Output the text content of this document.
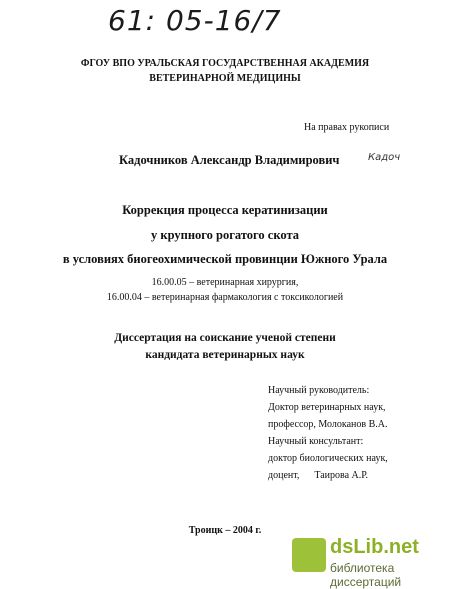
61: 05-16/7
ФГОУ ВПО УРАЛЬСКАЯ ГОСУДАРСТВЕННАЯ АКАДЕМИЯ
ВЕТЕРИНАРНОЙ МЕДИЦИНЫ
На правах рукописи
Кадочников Александр Владимирович	Кадоч
Коррекция процесса кератинизации
у крупного рогатого скота
в условиях биогеохимической провинции Южного Урала
16.00.05 – ветеринарная хирургия,
16.00.04 – ветеринарная фармакология с токсикологией
Диссертация на соискание ученой степени
кандидата ветеринарных наук
Научный руководитель:
Доктор ветеринарных наук,
профессор, Молоканов В.А.
Научный консультант:
доктор биологических наук,
доцент,      Таирова А.Р.
Троицк – 2004 г.
dsLib.net
библиотека диссертаций
